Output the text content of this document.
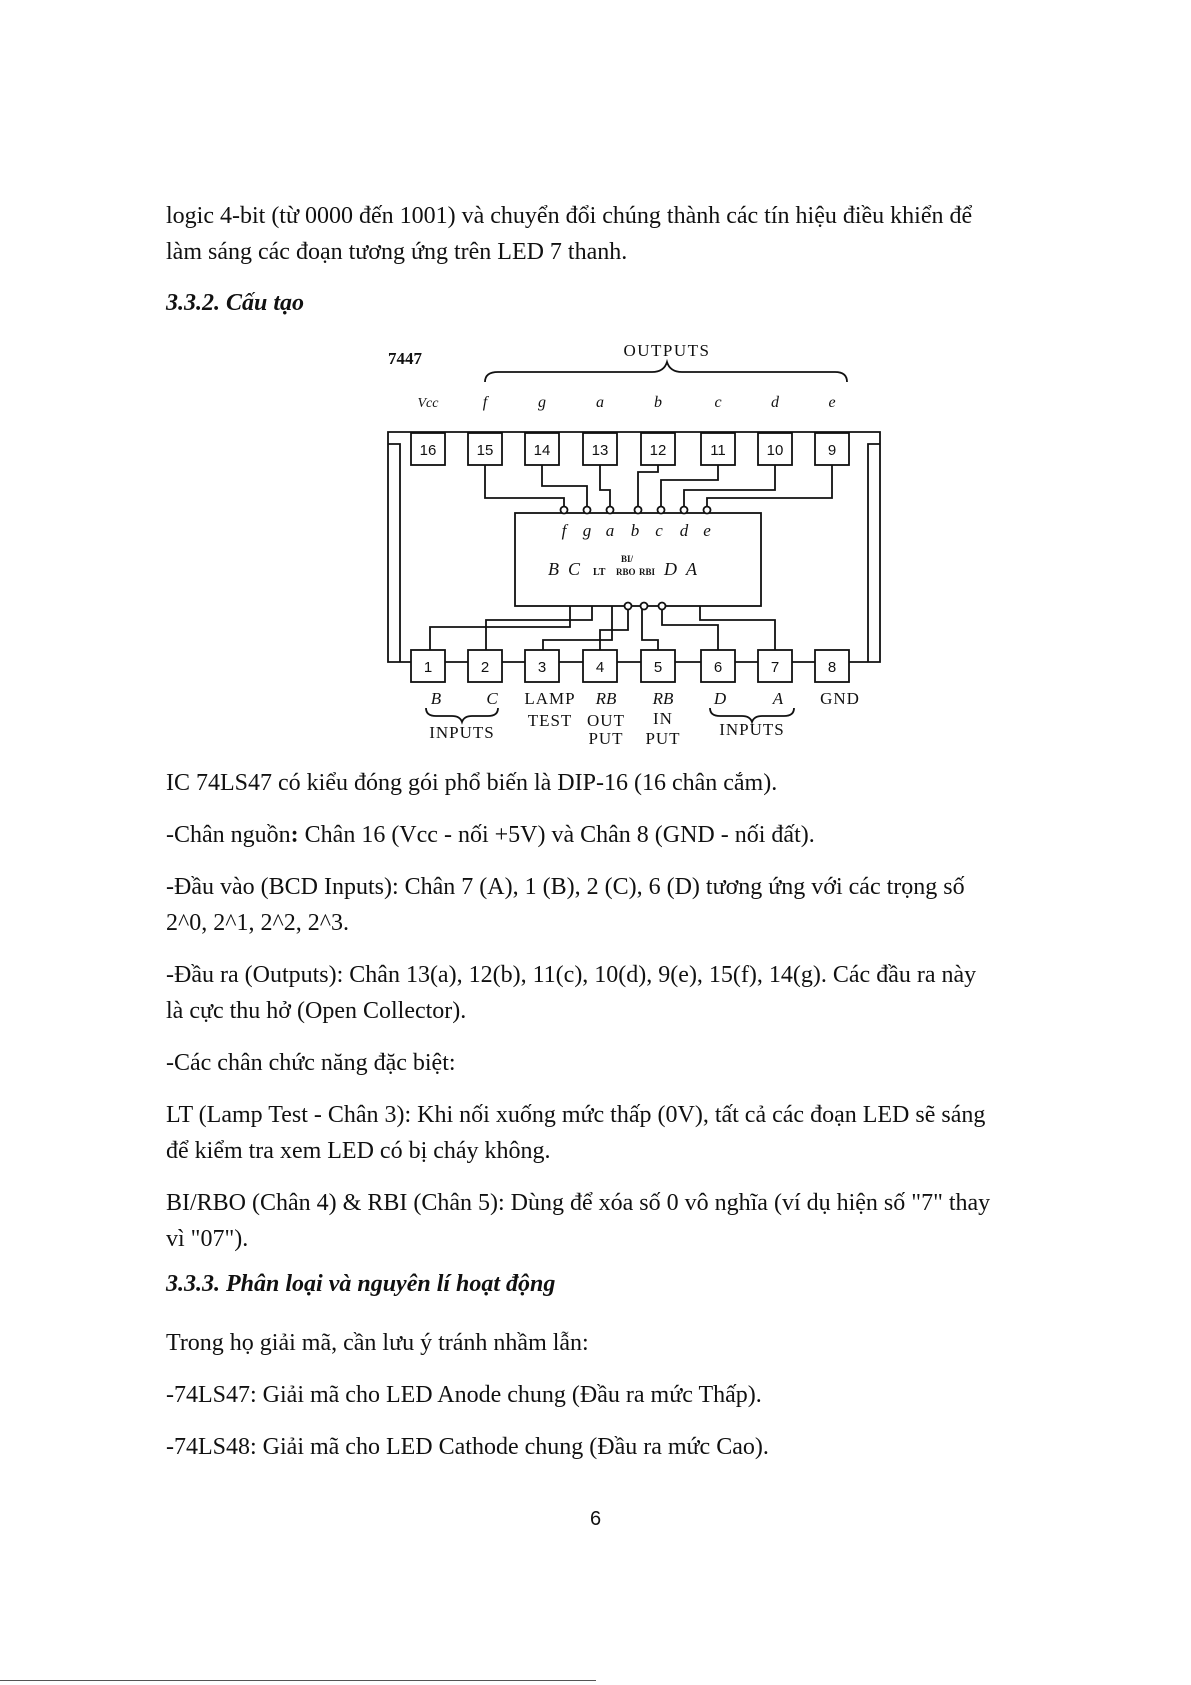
logic 4-bit (từ 0000 đến 1001) và chuyển đổi chúng thành các tín hiệu điều khiển để
làm sáng các đoạn tương ứng trên LED 7 thanh.

3.3.2. Cấu tạo
16	15	14	13	12	11	10	9
1	2	3	4	5	6	7	8
7447	OUTPUTS
Vcc	f	g	a	b	c	d	e
f g a b c d e
B C LT
BI/
RBO RBI D A
B	C
INPUTS
LAMP
TEST
RB
OUT
PUT
RB
IN
PUT
D	A
INPUTS
GND

IC 74LS47 có kiểu đóng gói phổ biến là DIP-16 (16 chân cắm).

-Chân nguồn: Chân 16 (Vcc - nối +5V) và Chân 8 (GND - nối đất).

-Đầu vào (BCD Inputs): Chân 7 (A), 1 (B), 2 (C), 6 (D) tương ứng với các trọng số
2^0, 2^1, 2^2, 2^3.

-Đầu ra (Outputs): Chân 13(a), 12(b), 11(c), 10(d), 9(e), 15(f), 14(g). Các đầu ra này
là cực thu hở (Open Collector).

-Các chân chức năng đặc biệt:

LT (Lamp Test - Chân 3): Khi nối xuống mức thấp (0V), tất cả các đoạn LED sẽ sáng
để kiểm tra xem LED có bị cháy không.

BI/RBO (Chân 4) & RBI (Chân 5): Dùng để xóa số 0 vô nghĩa (ví dụ hiện số "7" thay
vì "07").

3.3.3. Phân loại và nguyên lí hoạt động

Trong họ giải mã, cần lưu ý tránh nhầm lẫn:

-74LS47: Giải mã cho LED Anode chung (Đầu ra mức Thấp).

-74LS48: Giải mã cho LED Cathode chung (Đầu ra mức Cao).

6
